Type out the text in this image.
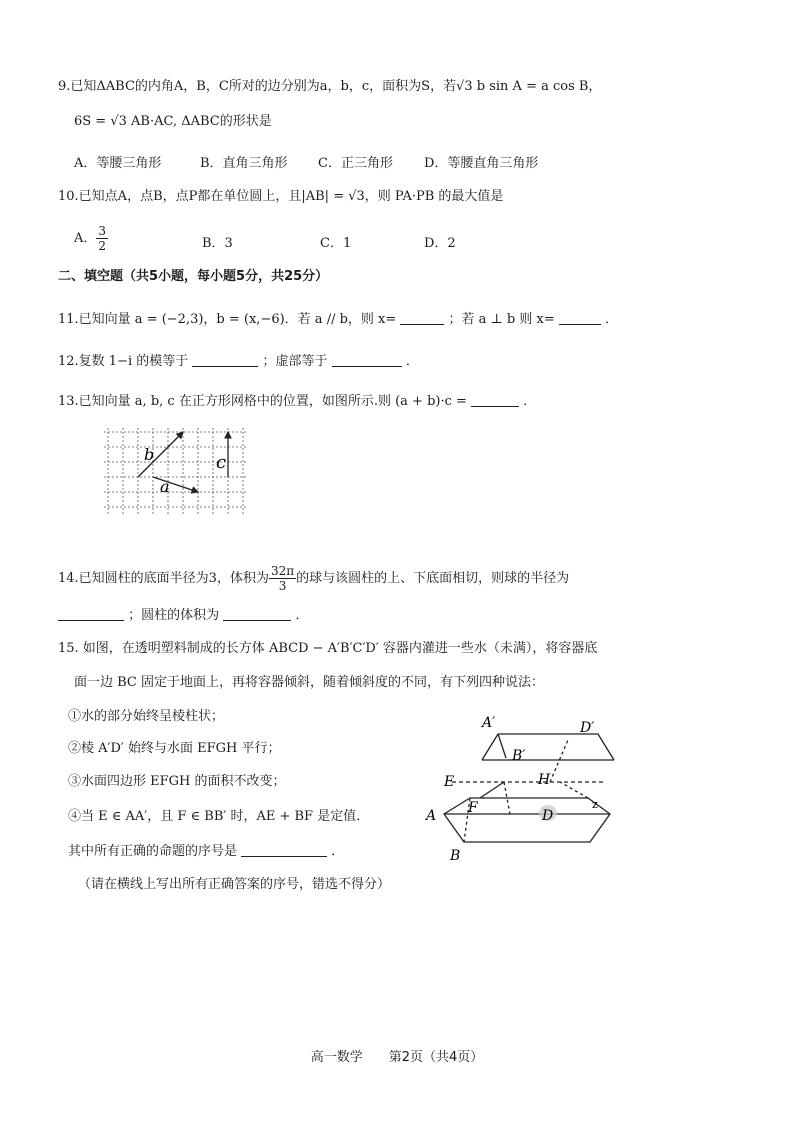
9.已知ΔABC的内角A，B，C所对的边分别为a，b，c，面积为S，若√3 b sin A = a cos B，
6S = √3 AB·AC, ΔABC的形状是
A．等腰三角形	B．直角三角形 C．正三角形 D．等腰直角三角形
10.已知点A，点B，点P都在单位圆上，且|AB| = √3，则 PA·PB 的最大值是
A． $\frac{3}{2}$	B．3	C．1	D．2
二、填空题（共5小题，每小题5分，共25分）
11.已知向量 a = (−2,3)，b = (x,−6)．若 a // b，则 x=	；若 a ⊥ b 则 x=	．
12.复数 1−i 的模等于	；虚部等于	．
13.已知向量 a, b, c 在正方形网格中的位置，如图所示.则 (a + b)·c =	．
b
a
c
14.已知圆柱的底面半径为3，体积为 $\frac{32\pi}{3}$ 的球与该圆柱的上、下底面相切，则球的半径为
；圆柱的体积为	．
15. 如图，在透明塑料制成的长方体 ABCD − A′B′C′D′ 容器内灌进一些水（未满），将容器底
面一边 BC 固定于地面上，再将容器倾斜，随着倾斜度的不同，有下列四种说法：
①水的部分始终呈棱柱状；
②棱 A′D′ 始终与水面 EFGH 平行；
③水面四边形 EFGH 的面积不改变；
④当 E ∈ AA′，且 F ∈ BB′ 时，AE + BF 是定值．
其中所有正确的命题的序号是	．
（请在横线上写出所有正确答案的序号，错选不得分）
A′	D′
B′
E	H
F
A	D
B
z
高一数学　　第2页（共4页）
